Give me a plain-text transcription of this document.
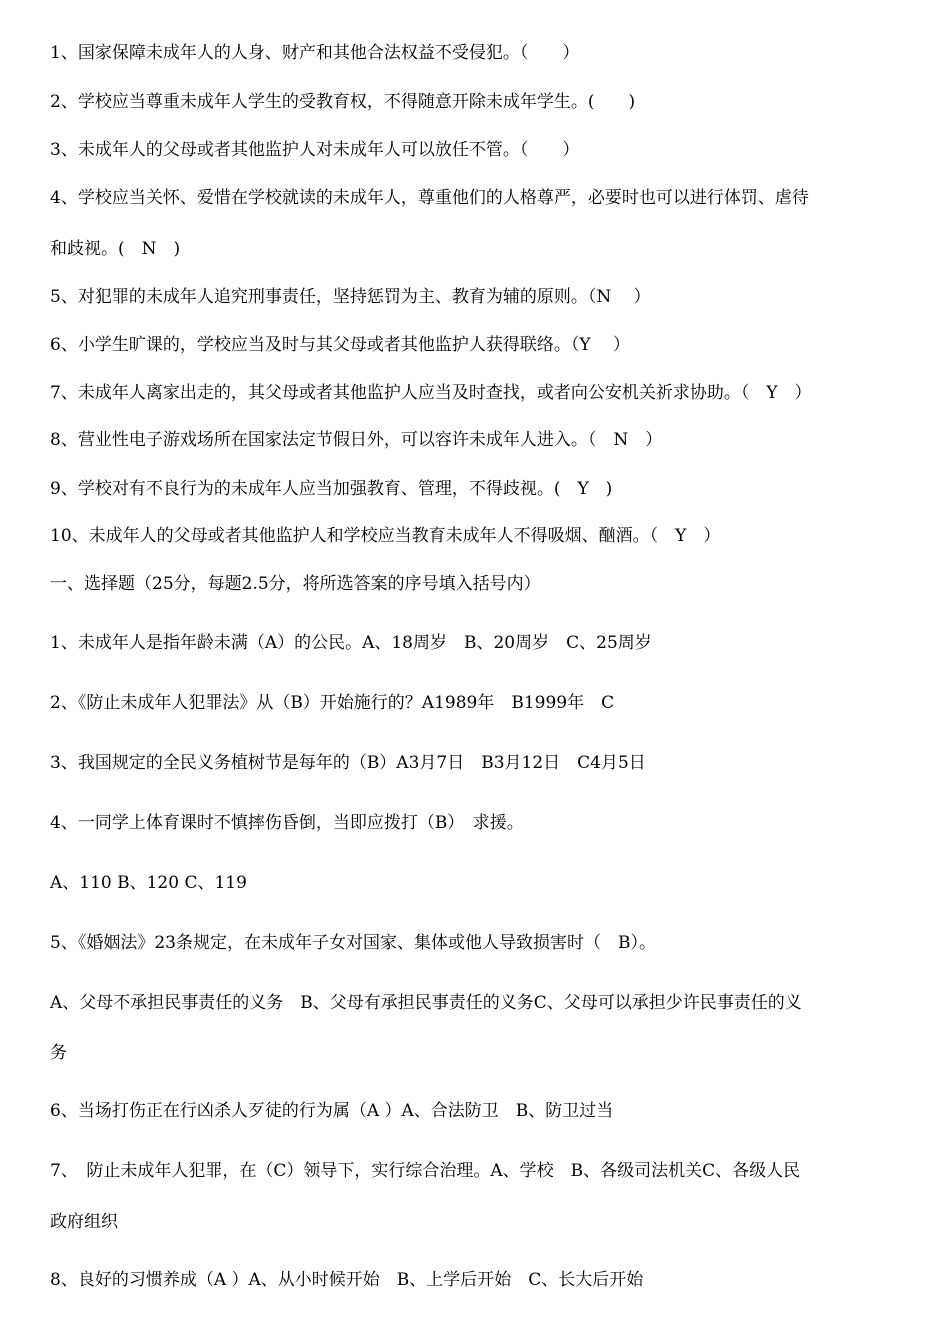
1、国家保障未成年人的人身、财产和其他合法权益不受侵犯。（　　）

2、学校应当尊重未成年人学生的受教育权，不得随意开除未成年学生。(　　)

3、未成年人的父母或者其他监护人对未成年人可以放任不管。（　　）

4、学校应当关怀、爱惜在学校就读的未成年人，尊重他们的人格尊严，必要时也可以进行体罚、虐待

和歧视。(　N　)

5、对犯罪的未成年人追究刑事责任，坚持惩罚为主、教育为辅的原则。（N　 ）

6、小学生旷课的，学校应当及时与其父母或者其他监护人获得联络。（Y　 ）

7、未成年人离家出走的，其父母或者其他监护人应当及时查找，或者向公安机关祈求协助。（　Y　）

8、营业性电子游戏场所在国家法定节假日外，可以容许未成年人进入。（　N　）

9、学校对有不良行为的未成年人应当加强教育、管理，不得歧视。(　Y　)

10、未成年人的父母或者其他监护人和学校应当教育未成年人不得吸烟、酗酒。（　Y　）

一、选择题（25分，每题2.5分，将所选答案的序号填入括号内）

1、未成年人是指年龄未满（A）的公民。A、18周岁　B、20周岁　C、25周岁

2、《防止未成年人犯罪法》从（B）开始施行的？A1989年　B1999年　C

3、我国规定的全民义务植树节是每年的（B）A3月7日　B3月12日　C4月5日

4、一同学上体育课时不慎摔伤昏倒，当即应拨打（B）　求援。

A、110 B、120 C、119

5、《婚姻法》23条规定，在未成年子女对国家、集体或他人导致损害时（　B）。

A、父母不承担民事责任的义务　B、父母有承担民事责任的义务C、父母可以承担少许民事责任的义

务

6、当场打伤正在行凶杀人歹徒的行为属（A ）A、合法防卫　B、防卫过当

7、　防止未成年人犯罪，在（C）领导下，实行综合治理。A、学校　B、各级司法机关C、各级人民

政府组织

8、良好的习惯养成（A ）A、从小时候开始　B、上学后开始　C、长大后开始
